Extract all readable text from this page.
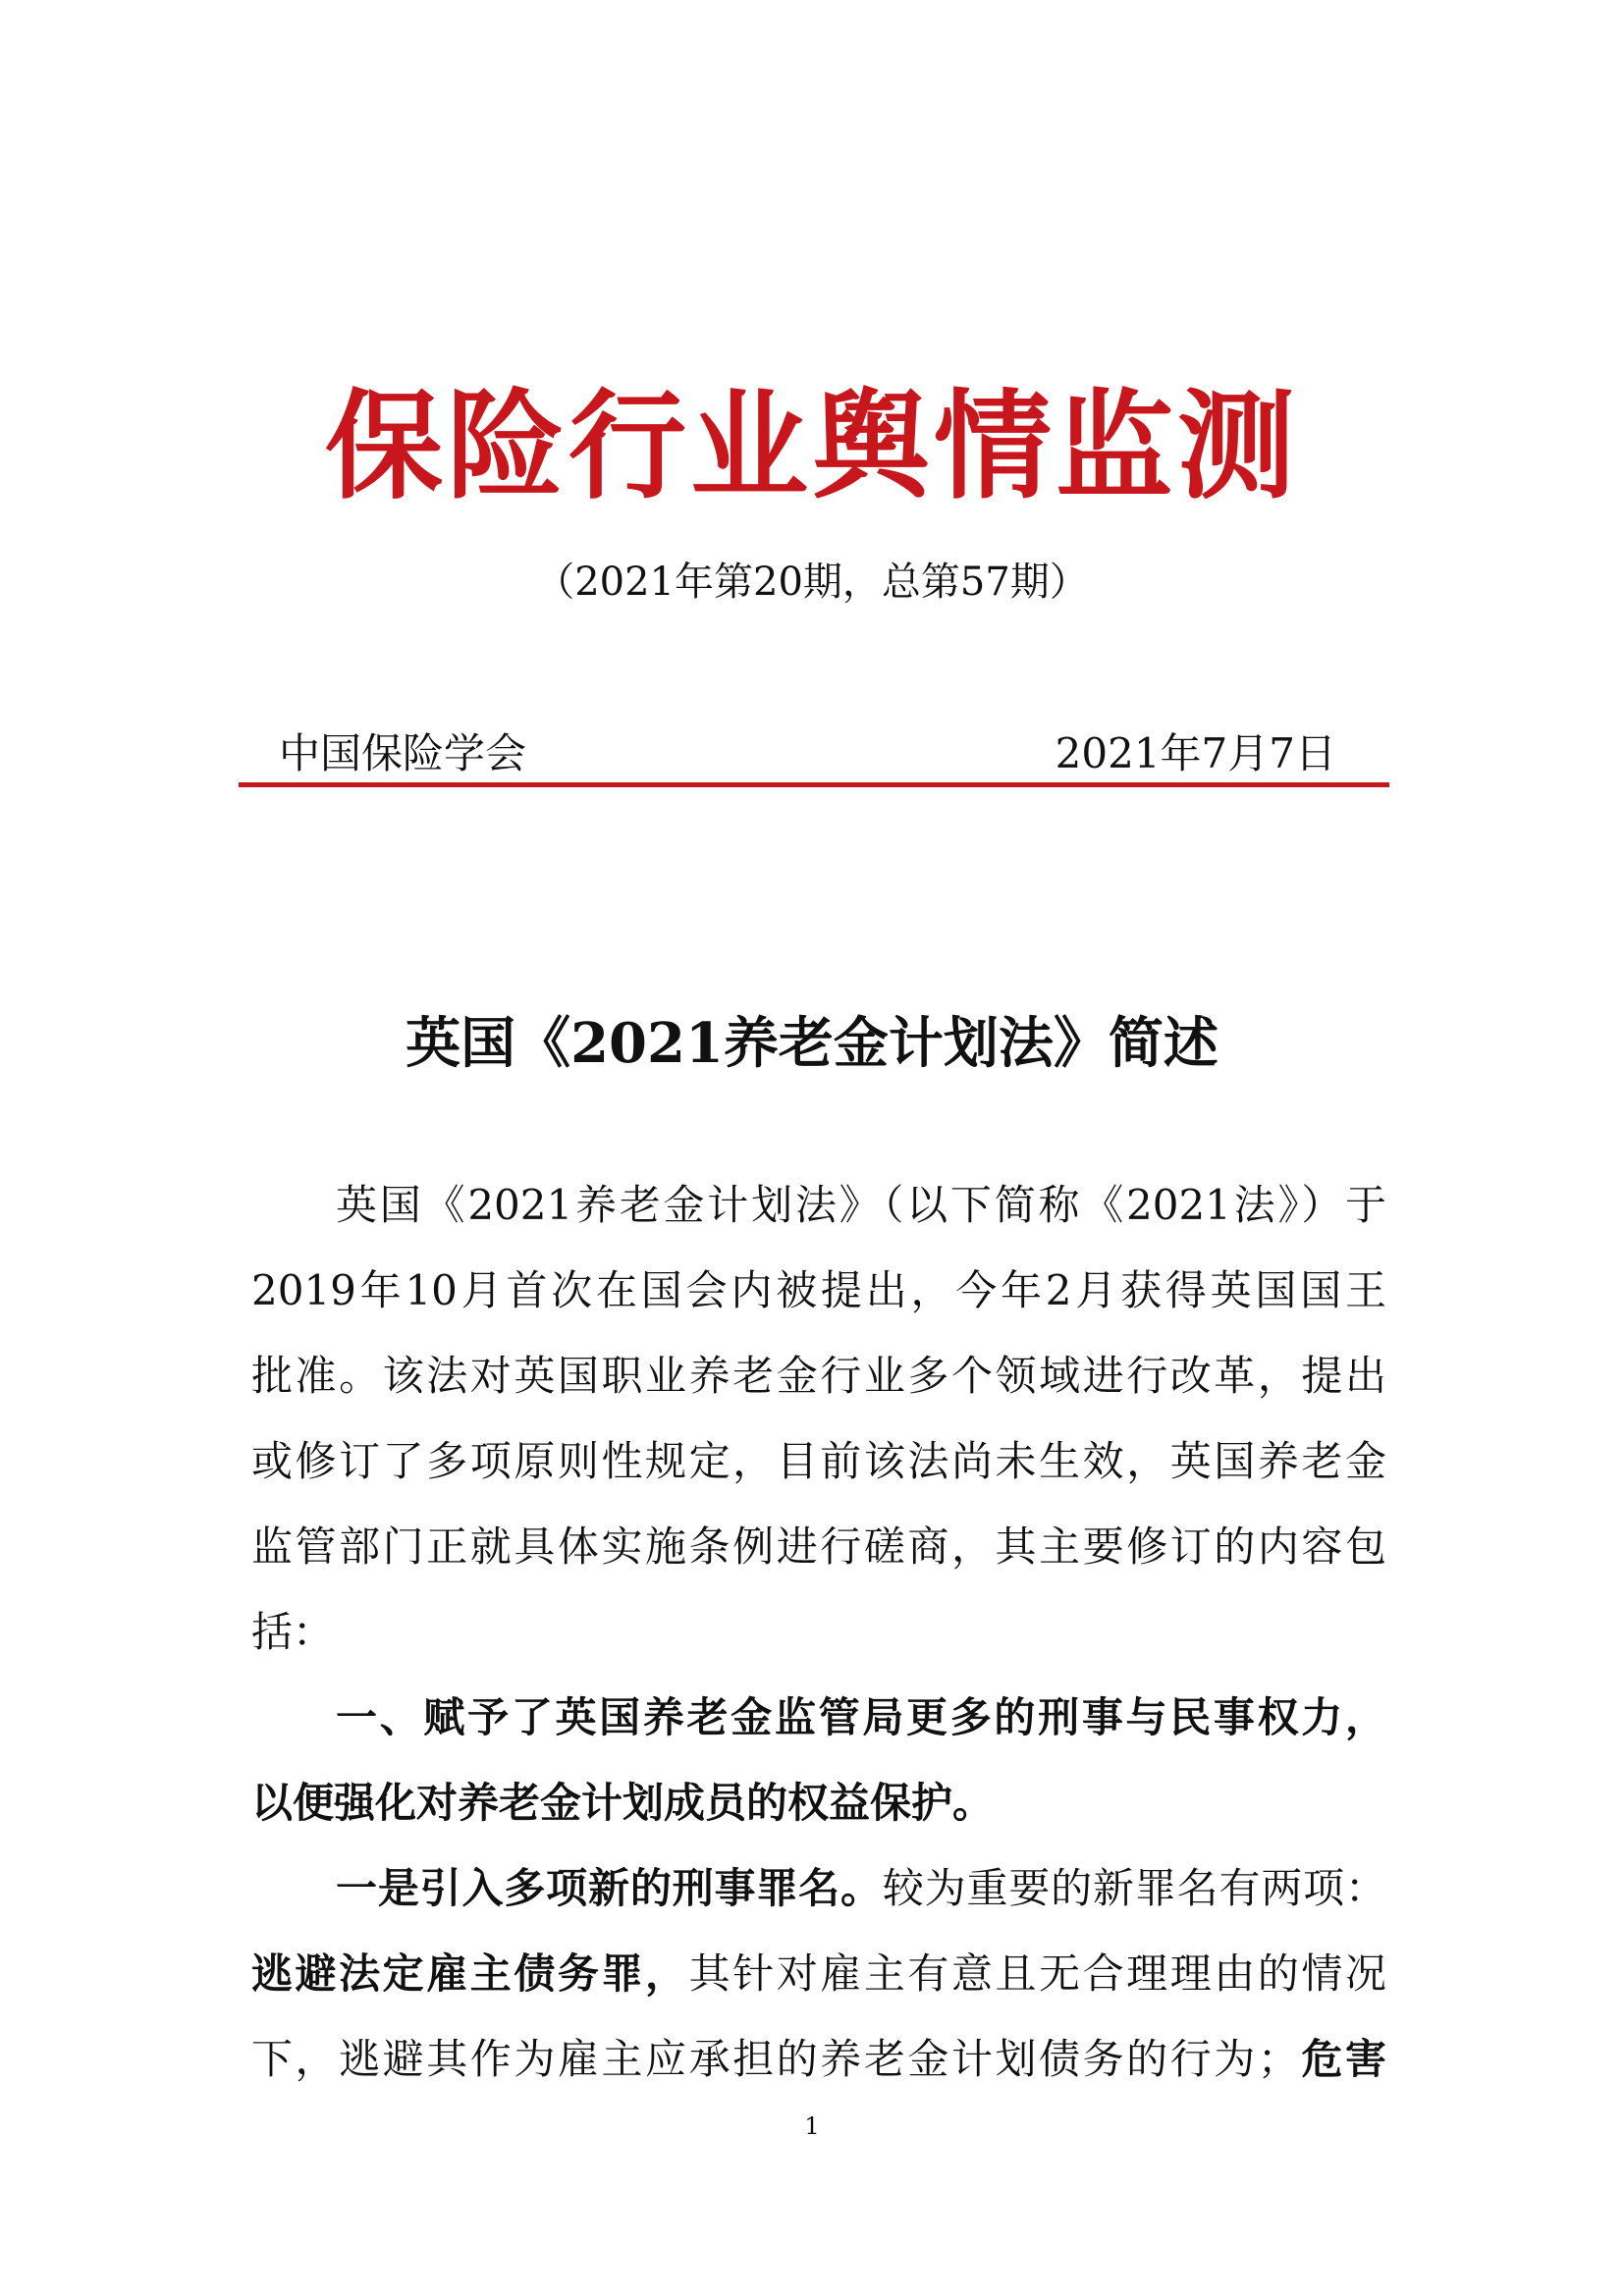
保险行业舆情监测
（2021年第20期，总第57期）
中国保险学会	2021年7月7日
英国《2021养老金计划法》简述
英国《2021养老金计划法》（以下简称《2021法》）于
2019年10月首次在国会内被提出，今年2月获得英国国王
批准。该法对英国职业养老金行业多个领域进行改革，提出
或修订了多项原则性规定，目前该法尚未生效，英国养老金
监管部门正就具体实施条例进行磋商，其主要修订的内容包
括：
一、赋予了英国养老金监管局更多的刑事与民事权力，
以便强化对养老金计划成员的权益保护。
一是引入多项新的刑事罪名。较为重要的新罪名有两项：
逃避法定雇主债务罪，其针对雇主有意且无合理理由的情况
下，逃避其作为雇主应承担的养老金计划债务的行为；危害
1
